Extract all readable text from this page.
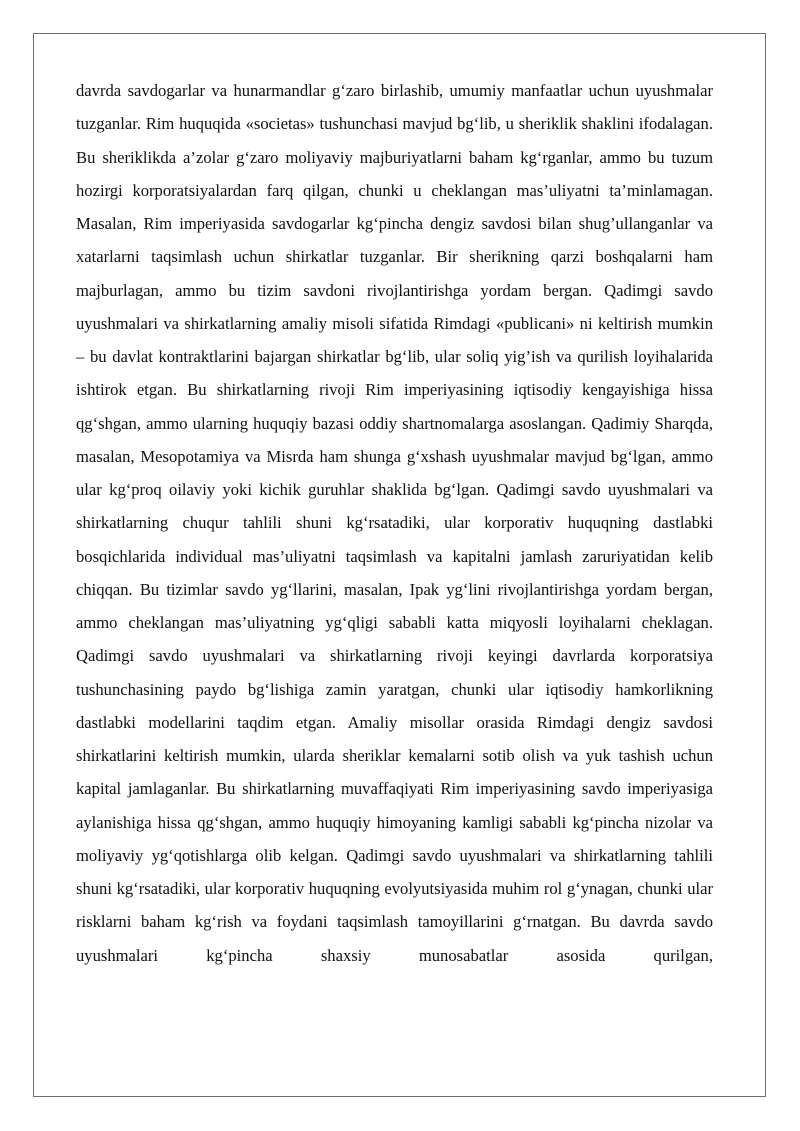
davrda savdogarlar va hunarmandlar g‘zaro birlashib, umumiy manfaatlar uchun uyushmalar tuzganlar. Rim huquqida «societas» tushunchasi mavjud bg‘lib, u sheriklik shaklini ifodalagan. Bu sheriklikda a’zolar g‘zaro moliyaviy majburiyatlarni baham kg‘rganlar, ammo bu tuzum hozirgi korporatsiyalardan farq qilgan, chunki u cheklangan mas’uliyatni ta’minlamagan. Masalan, Rim imperiyasida savdogarlar kg‘pincha dengiz savdosi bilan shug’ullanganlar va xatarlarni taqsimlash uchun shirkatlar tuzganlar. Bir sherikning qarzi boshqalarni ham majburlagan, ammo bu tizim savdoni rivojlantirishga yordam bergan. Qadimgi savdo uyushmalari va shirkatlarning amaliy misoli sifatida Rimdagi «publicani» ni keltirish mumkin – bu davlat kontraktlarini bajargan shirkatlar bg‘lib, ular soliq yig’ish va qurilish loyihalarida ishtirok etgan. Bu shirkatlarning rivoji Rim imperiyasining iqtisodiy kengayishiga hissa qg‘shgan, ammo ularning huquqiy bazasi oddiy shartnomalarga asoslangan. Qadimiy Sharqda, masalan, Mesopotamiya va Misrda ham shunga g‘xshash uyushmalar mavjud bg‘lgan, ammo ular kg‘proq oilaviy yoki kichik guruhlar shaklida bg‘lgan. Qadimgi savdo uyushmalari va shirkatlarning chuqur tahlili shuni kg‘rsatadiki, ular korporativ huquqning dastlabki bosqichlarida individual mas’uliyatni taqsimlash va kapitalni jamlash zaruriyatidan kelib chiqqan. Bu tizimlar savdo yg‘llarini, masalan, Ipak yg‘lini rivojlantirishga yordam bergan, ammo cheklangan mas’uliyatning yg‘qligi sababli katta miqyosli loyihalarni cheklagan. Qadimgi savdo uyushmalari va shirkatlarning rivoji keyingi davrlarda korporatsiya tushunchasining paydo bg‘lishiga zamin yaratgan, chunki ular iqtisodiy hamkorlikning dastlabki modellarini taqdim etgan. Amaliy misollar orasida Rimdagi dengiz savdosi shirkatlarini keltirish mumkin, ularda sheriklar kemalarni sotib olish va yuk tashish uchun kapital jamlaganlar. Bu shirkatlarning muvaffaqiyati Rim imperiyasining savdo imperiyasiga aylanishiga hissa qg‘shgan, ammo huquqiy himoyaning kamligi sababli kg‘pincha nizolar va moliyaviy yg‘qotishlarga olib kelgan. Qadimgi savdo uyushmalari va shirkatlarning tahlili shuni kg‘rsatadiki, ular korporativ huquqning evolyutsiyasida muhim rol g‘ynagan, chunki ular risklarni baham kg‘rish va foydani taqsimlash tamoyillarini g‘rnatgan. Bu davrda savdo uyushmalari kg‘pincha shaxsiy munosabatlar asosida qurilgan,
